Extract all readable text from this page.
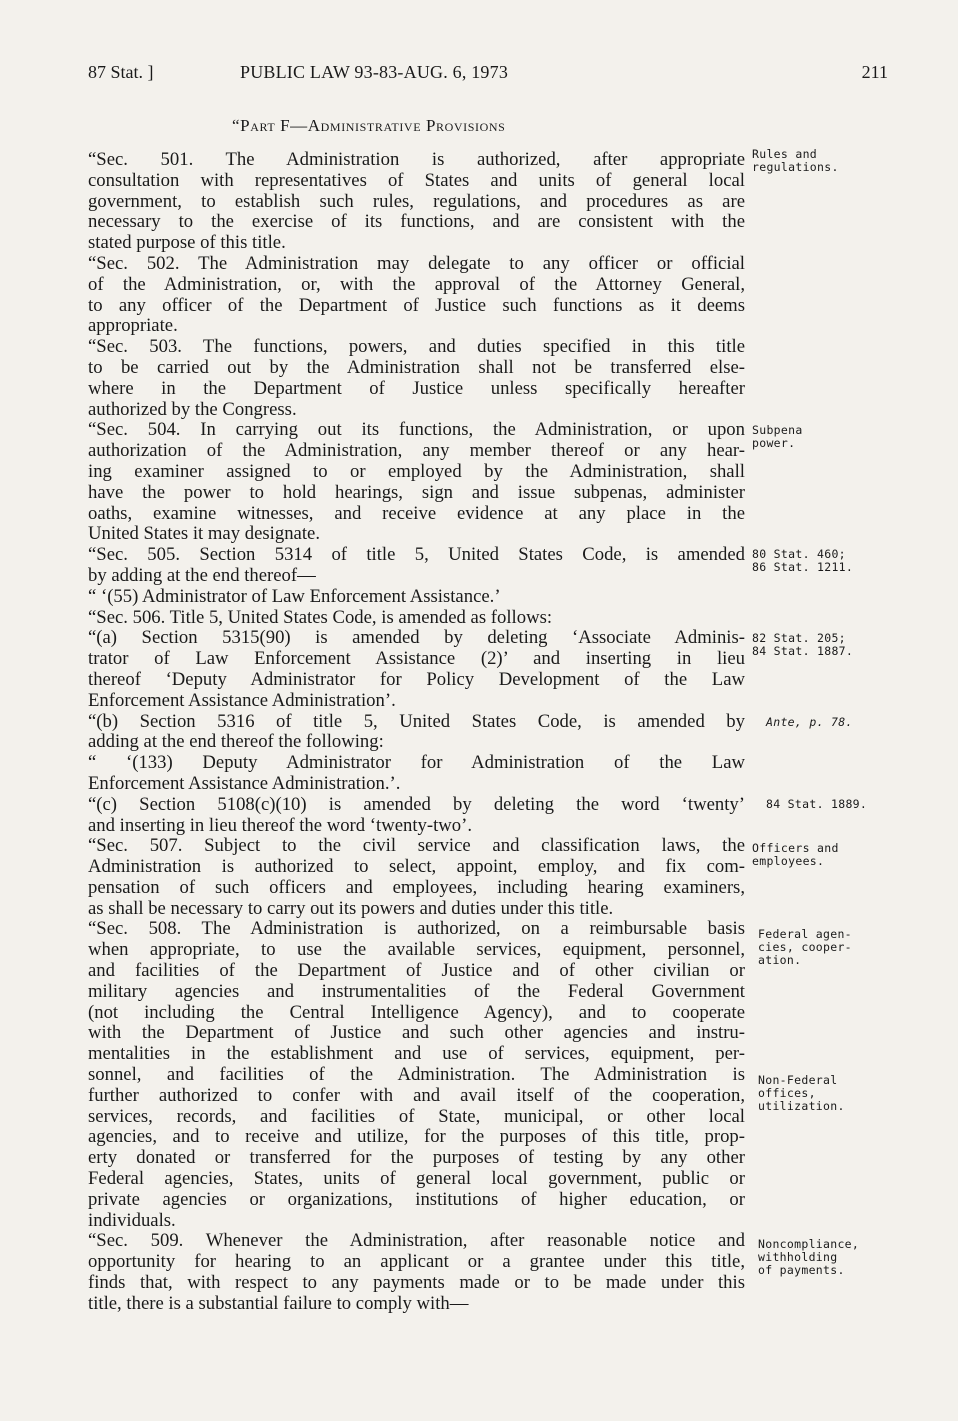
87 Stat. ]	PUBLIC LAW 93-83-AUG. 6, 1973	211
“Part F—Administrative Provisions
“Sec. 501. The Administration is authorized, after appropriate
consultation with representatives of States and units of general local
government, to establish such rules, regulations, and procedures as are
necessary to the exercise of its functions, and are consistent with the
stated purpose of this title.
“Sec. 502. The Administration may delegate to any officer or official
of the Administration, or, with the approval of the Attorney General,
to any officer of the Department of Justice such functions as it deems
appropriate.
“Sec. 503. The functions, powers, and duties specified in this title
to be carried out by the Administration shall not be transferred else-
where in the Department of Justice unless specifically hereafter
authorized by the Congress.
“Sec. 504. In carrying out its functions, the Administration, or upon
authorization of the Administration, any member thereof or any hear-
ing examiner assigned to or employed by the Administration, shall
have the power to hold hearings, sign and issue subpenas, administer
oaths, examine witnesses, and receive evidence at any place in the
United States it may designate.
“Sec. 505. Section 5314 of title 5, United States Code, is amended
by adding at the end thereof—
“ ‘(55) Administrator of Law Enforcement Assistance.’
“Sec. 506. Title 5, United States Code, is amended as follows:
“(a) Section 5315(90) is amended by deleting ‘Associate Adminis-
trator of Law Enforcement Assistance (2)’ and inserting in lieu
thereof ‘Deputy Administrator for Policy Development of the Law
Enforcement Assistance Administration’.
“(b) Section 5316 of title 5, United States Code, is amended by
adding at the end thereof the following:
“ ‘(133) Deputy Administrator for Administration of the Law
Enforcement Assistance Administration.’.
“(c) Section 5108(c)(10) is amended by deleting the word ‘twenty’
and inserting in lieu thereof the word ‘twenty-two’.
“Sec. 507. Subject to the civil service and classification laws, the
Administration is authorized to select, appoint, employ, and fix com-
pensation of such officers and employees, including hearing examiners,
as shall be necessary to carry out its powers and duties under this title.
“Sec. 508. The Administration is authorized, on a reimbursable basis
when appropriate, to use the available services, equipment, personnel,
and facilities of the Department of Justice and of other civilian or
military agencies and instrumentalities of the Federal Government
(not including the Central Intelligence Agency), and to cooperate
with the Department of Justice and such other agencies and instru-
mentalities in the establishment and use of services, equipment, per-
sonnel, and facilities of the Administration. The Administration is
further authorized to confer with and avail itself of the cooperation,
services, records, and facilities of State, municipal, or other local
agencies, and to receive and utilize, for the purposes of this title, prop-
erty donated or transferred for the purposes of testing by any other
Federal agencies, States, units of general local government, public or
private agencies or organizations, institutions of higher education, or
individuals.
“Sec. 509. Whenever the Administration, after reasonable notice and
opportunity for hearing to an applicant or a grantee under this title,
finds that, with respect to any payments made or to be made under this
title, there is a substantial failure to comply with—
Rules and
regulations.
Subpena
power.
80 Stat. 460;
86 Stat. 1211.
82 Stat. 205;
84 Stat. 1887.
Ante, p. 78.
84 Stat. 1889.
Officers and
employees.
Federal agen-
cies, cooper-
ation.
Non-Federal
offices,
utilization.
Noncompliance,
withholding
of payments.
